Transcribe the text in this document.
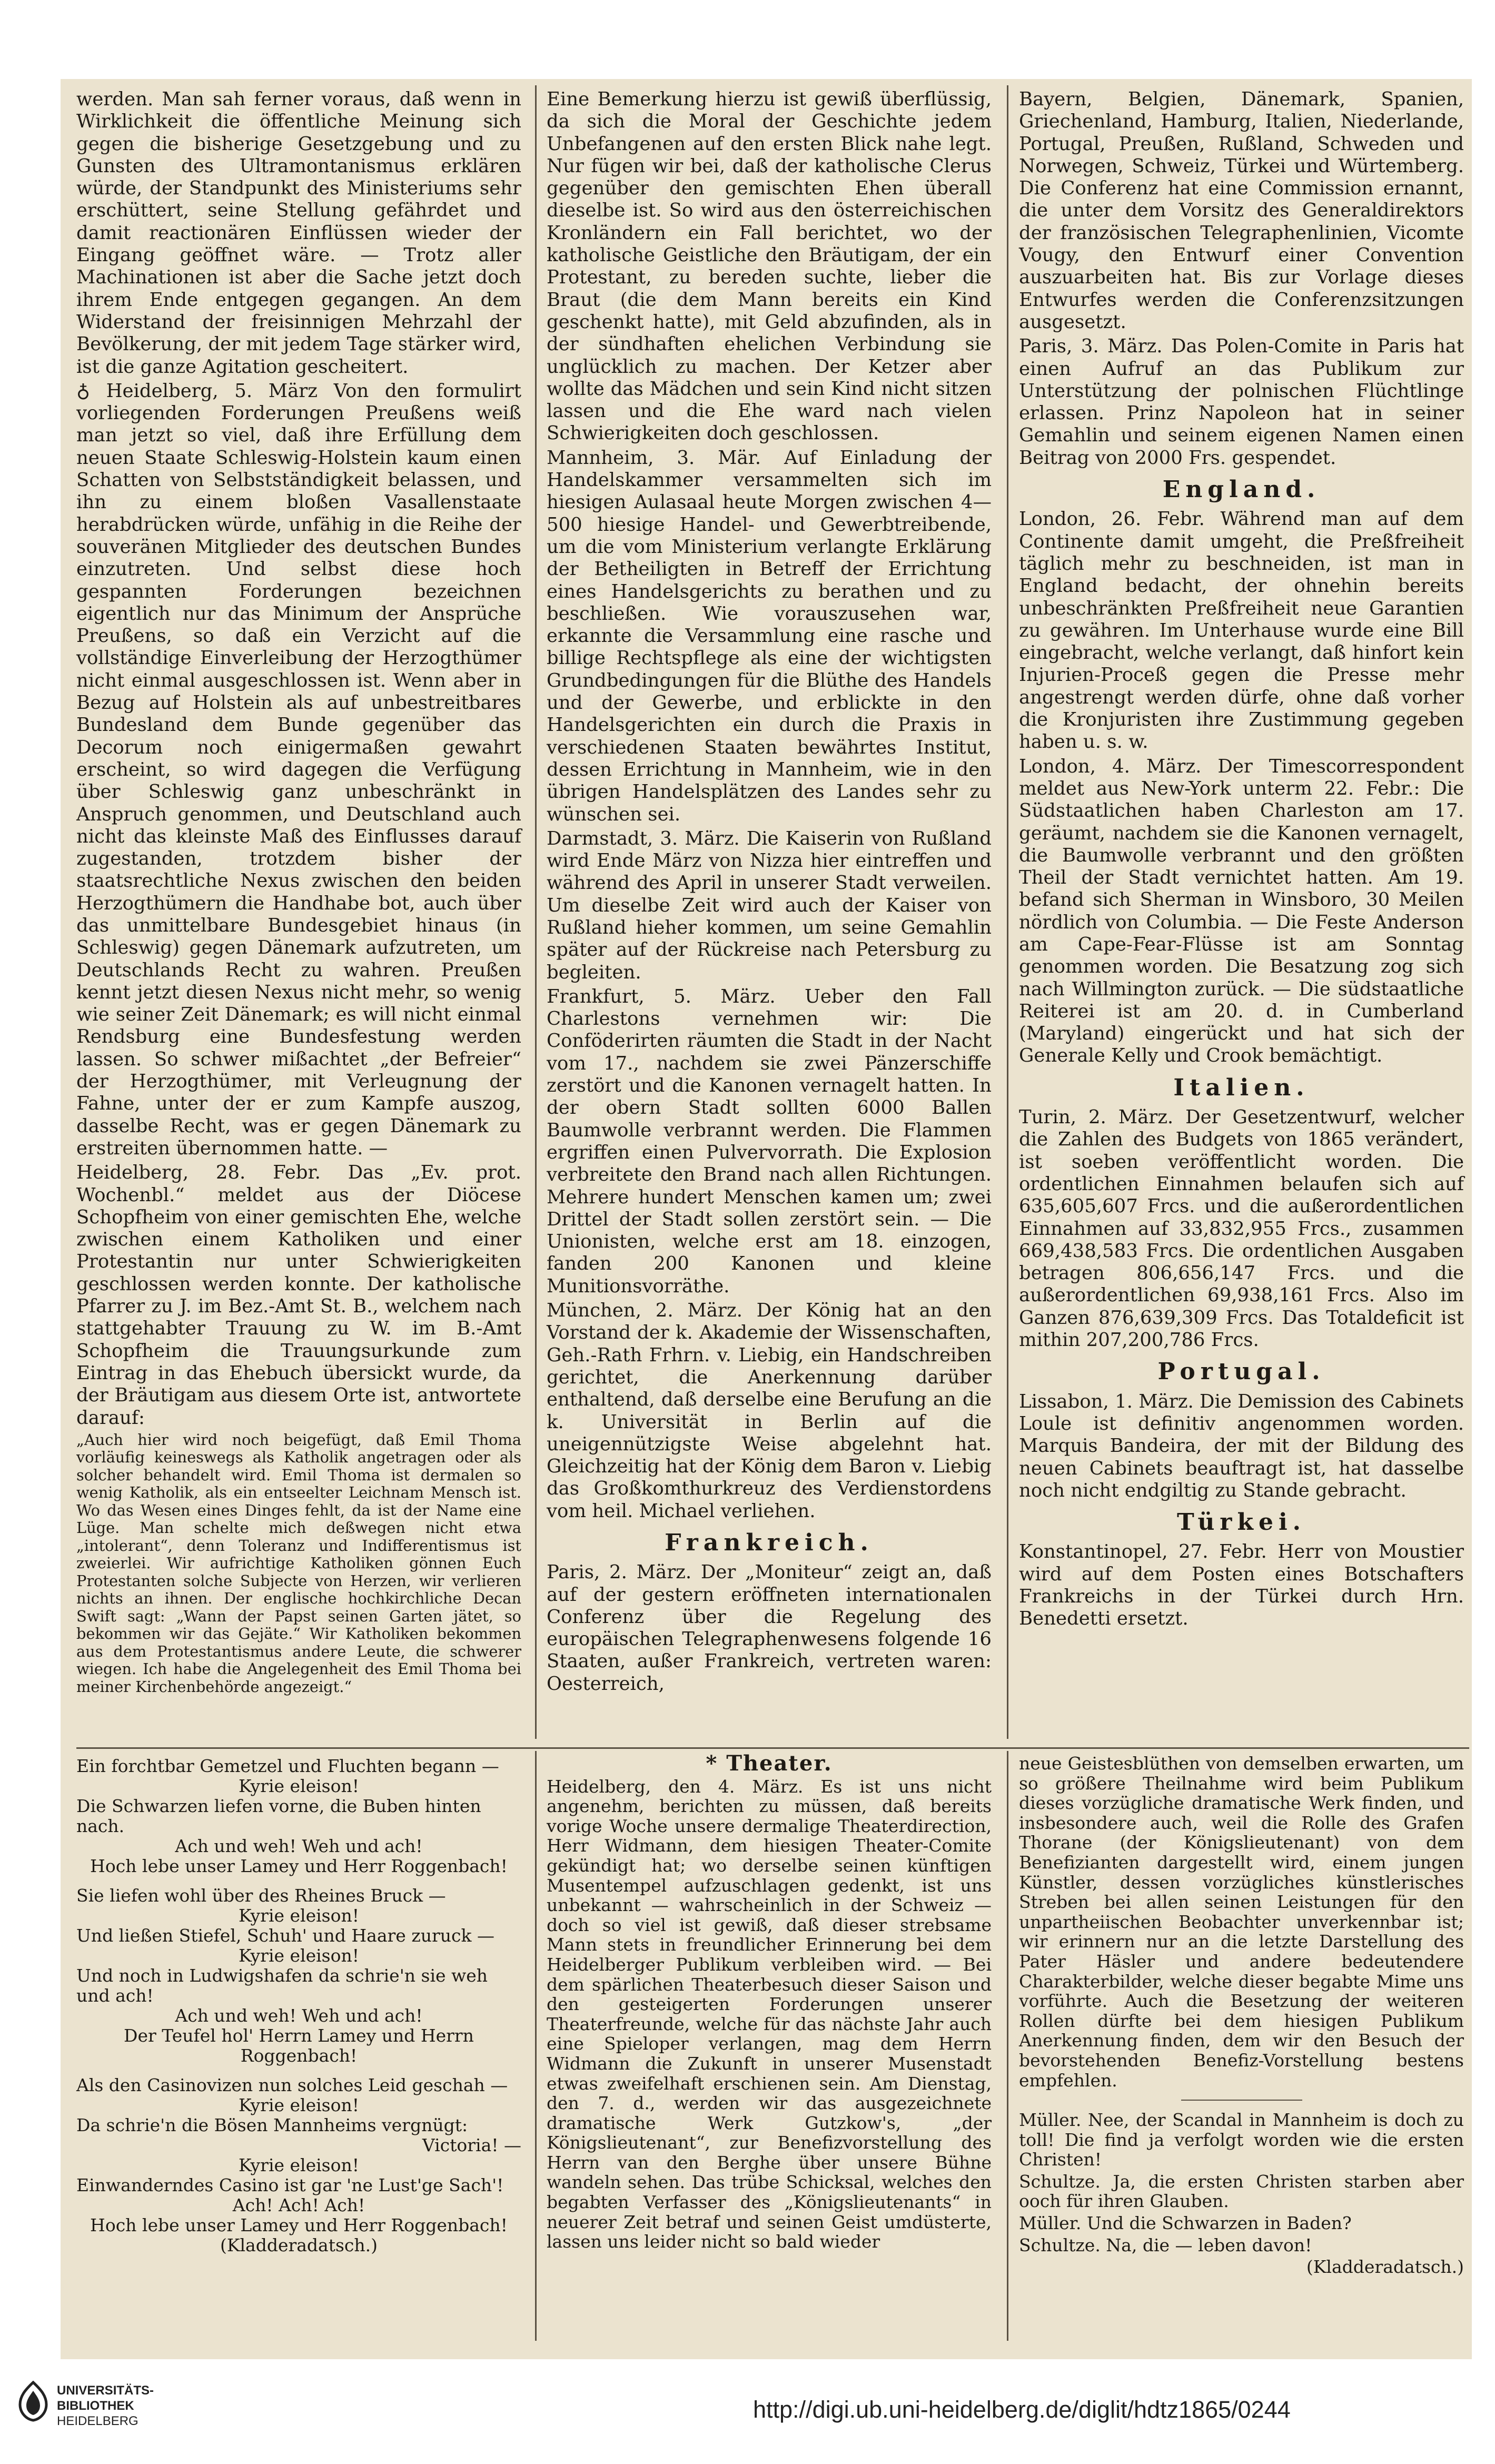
werden. Man sah ferner voraus, daß wenn in Wirklichkeit die öffentliche Meinung sich gegen die bisherige Gesetzgebung und zu Gunsten des Ultramontanismus erklären würde, der Standpunkt des Ministeriums sehr erschüttert, seine Stellung gefährdet und damit reactionären Einflüssen wieder der Eingang geöffnet wäre. — Trotz aller Machinationen ist aber die Sache jetzt doch ihrem Ende entgegen gegangen. An dem Widerstand der freisinnigen Mehrzahl der Bevölkerung, der mit jedem Tage stärker wird, ist die ganze Agitation gescheitert.

♁ Heidelberg, 5. März Von den formulirt vorliegenden Forderungen Preußens weiß man jetzt so viel, daß ihre Erfüllung dem neuen Staate Schleswig-Holstein kaum einen Schatten von Selbstständigkeit belassen, und ihn zu einem bloßen Vasallenstaate herabdrücken würde, unfähig in die Reihe der souveränen Mitglieder des deutschen Bundes einzutreten. Und selbst diese hoch gespannten Forderungen bezeichnen eigentlich nur das Minimum der Ansprüche Preußens, so daß ein Verzicht auf die vollständige Einverleibung der Herzogthümer nicht einmal ausgeschlossen ist. Wenn aber in Bezug auf Holstein als auf unbestreitbares Bundesland dem Bunde gegenüber das Decorum noch einigermaßen gewahrt erscheint, so wird dagegen die Verfügung über Schleswig ganz unbeschränkt in Anspruch genommen, und Deutschland auch nicht das kleinste Maß des Einflusses darauf zugestanden, trotzdem bisher der staatsrechtliche Nexus zwischen den beiden Herzogthümern die Handhabe bot, auch über das unmittelbare Bundesgebiet hinaus (in Schleswig) gegen Dänemark aufzutreten, um Deutschlands Recht zu wahren. Preußen kennt jetzt diesen Nexus nicht mehr, so wenig wie seiner Zeit Dänemark; es will nicht einmal Rendsburg eine Bundesfestung werden lassen. So schwer mißachtet „der Befreier“ der Herzogthümer, mit Verleugnung der Fahne, unter der er zum Kampfe auszog, dasselbe Recht, was er gegen Dänemark zu erstreiten übernommen hatte. —

Heidelberg, 28. Febr. Das „Ev. prot. Wochenbl.“ meldet aus der Diöcese Schopfheim von einer gemischten Ehe, welche zwischen einem Katholiken und einer Protestantin nur unter Schwierigkeiten geschlossen werden konnte. Der katholische Pfarrer zu J. im Bez.-Amt St. B., welchem nach stattgehabter Trauung zu W. im B.-Amt Schopfheim die Trauungsurkunde zum Eintrag in das Ehebuch übersickt wurde, da der Bräutigam aus diesem Orte ist, antwortete darauf:

„Auch hier wird noch beigefügt, daß Emil Thoma vorläufig keineswegs als Katholik angetragen oder als solcher behandelt wird. Emil Thoma ist dermalen so wenig Katholik, als ein entseelter Leichnam Mensch ist. Wo das Wesen eines Dinges fehlt, da ist der Name eine Lüge. Man schelte mich deßwegen nicht etwa „intolerant“, denn Toleranz und Indifferentismus ist zweierlei. Wir aufrichtige Katholiken gönnen Euch Protestanten solche Subjecte von Herzen, wir verlieren nichts an ihnen. Der englische hochkirchliche Decan Swift sagt: „Wann der Papst seinen Garten jätet, so bekommen wir das Gejäte.“ Wir Katholiken bekommen aus dem Protestantismus andere Leute, die schwerer wiegen. Ich habe die Angelegenheit des Emil Thoma bei meiner Kirchenbehörde angezeigt.“

Eine Bemerkung hierzu ist gewiß überflüssig, da sich die Moral der Geschichte jedem Unbefangenen auf den ersten Blick nahe legt. Nur fügen wir bei, daß der katholische Clerus gegenüber den gemischten Ehen überall dieselbe ist. So wird aus den österreichischen Kronländern ein Fall berichtet, wo der katholische Geistliche den Bräutigam, der ein Protestant, zu bereden suchte, lieber die Braut (die dem Mann bereits ein Kind geschenkt hatte), mit Geld abzufinden, als in der sündhaften ehelichen Verbindung sie unglücklich zu machen. Der Ketzer aber wollte das Mädchen und sein Kind nicht sitzen lassen und die Ehe ward nach vielen Schwierigkeiten doch geschlossen.

Mannheim, 3. Mär. Auf Einladung der Handelskammer versammelten sich im hiesigen Aulasaal heute Morgen zwischen 4—500 hiesige Handel- und Gewerbtreibende, um die vom Ministerium verlangte Erklärung der Betheiligten in Betreff der Errichtung eines Handelsgerichts zu berathen und zu beschließen. Wie vorauszusehen war, erkannte die Versammlung eine rasche und billige Rechtspflege als eine der wichtigsten Grundbedingungen für die Blüthe des Handels und der Gewerbe, und erblickte in den Handelsgerichten ein durch die Praxis in verschiedenen Staaten bewährtes Institut, dessen Errichtung in Mannheim, wie in den übrigen Handelsplätzen des Landes sehr zu wünschen sei.

Darmstadt, 3. März. Die Kaiserin von Rußland wird Ende März von Nizza hier eintreffen und während des April in unserer Stadt verweilen. Um dieselbe Zeit wird auch der Kaiser von Rußland hieher kommen, um seine Gemahlin später auf der Rückreise nach Petersburg zu begleiten.

Frankfurt, 5. März. Ueber den Fall Charlestons vernehmen wir: Die Conföderirten räumten die Stadt in der Nacht vom 17., nachdem sie zwei Pänzerschiffe zerstört und die Kanonen vernagelt hatten. In der obern Stadt sollten 6000 Ballen Baumwolle verbrannt werden. Die Flammen ergriffen einen Pulvervorrath. Die Explosion verbreitete den Brand nach allen Richtungen. Mehrere hundert Menschen kamen um; zwei Drittel der Stadt sollen zerstört sein. — Die Unionisten, welche erst am 18. einzogen, fanden 200 Kanonen und kleine Munitionsvorräthe.

München, 2. März. Der König hat an den Vorstand der k. Akademie der Wissenschaften, Geh.-Rath Frhrn. v. Liebig, ein Handschreiben gerichtet, die Anerkennung darüber enthaltend, daß derselbe eine Berufung an die k. Universität in Berlin auf die uneigennützigste Weise abgelehnt hat. Gleichzeitig hat der König dem Baron v. Liebig das Großkomthurkreuz des Verdienstordens vom heil. Michael verliehen.

Frankreich.

Paris, 2. März. Der „Moniteur“ zeigt an, daß auf der gestern eröffneten internationalen Conferenz über die Regelung des europäischen Telegraphenwesens folgende 16 Staaten, außer Frankreich, vertreten waren: Oesterreich,

Bayern, Belgien, Dänemark, Spanien, Griechenland, Hamburg, Italien, Niederlande, Portugal, Preußen, Rußland, Schweden und Norwegen, Schweiz, Türkei und Würtemberg. Die Conferenz hat eine Commission ernannt, die unter dem Vorsitz des Generaldirektors der französischen Telegraphenlinien, Vicomte Vougy, den Entwurf einer Convention auszuarbeiten hat. Bis zur Vorlage dieses Entwurfes werden die Conferenzsitzungen ausgesetzt.

Paris, 3. März. Das Polen-Comite in Paris hat einen Aufruf an das Publikum zur Unterstützung der polnischen Flüchtlinge erlassen. Prinz Napoleon hat in seiner Gemahlin und seinem eigenen Namen einen Beitrag von 2000 Frs. gespendet.

England.

London, 26. Febr. Während man auf dem Continente damit umgeht, die Preßfreiheit täglich mehr zu beschneiden, ist man in England bedacht, der ohnehin bereits unbeschränkten Preßfreiheit neue Garantien zu gewähren. Im Unterhause wurde eine Bill eingebracht, welche verlangt, daß hinfort kein Injurien-Proceß gegen die Presse mehr angestrengt werden dürfe, ohne daß vorher die Kronjuristen ihre Zustimmung gegeben haben u. s. w.

London, 4. März. Der Timescorrespondent meldet aus New-York unterm 22. Febr.: Die Südstaatlichen haben Charleston am 17. geräumt, nachdem sie die Kanonen vernagelt, die Baumwolle verbrannt und den größten Theil der Stadt vernichtet hatten. Am 19. befand sich Sherman in Winsboro, 30 Meilen nördlich von Columbia. — Die Feste Anderson am Cape-Fear-Flüsse ist am Sonntag genommen worden. Die Besatzung zog sich nach Willmington zurück. — Die südstaatliche Reiterei ist am 20. d. in Cumberland (Maryland) eingerückt und hat sich der Generale Kelly und Crook bemächtigt.

Italien.

Turin, 2. März. Der Gesetzentwurf, welcher die Zahlen des Budgets von 1865 verändert, ist soeben veröffentlicht worden. Die ordentlichen Einnahmen belaufen sich auf 635,605,607 Frcs. und die außerordentlichen Einnahmen auf 33,832,955 Frcs., zusammen 669,438,583 Frcs. Die ordentlichen Ausgaben betragen 806,656,147 Frcs. und die außerordentlichen 69,938,161 Frcs. Also im Ganzen 876,639,309 Frcs. Das Totaldeficit ist mithin 207,200,786 Frcs.

Portugal.

Lissabon, 1. März. Die Demission des Cabinets Loule ist definitiv angenommen worden. Marquis Bandeira, der mit der Bildung des neuen Cabinets beauftragt ist, hat dasselbe noch nicht endgiltig zu Stande gebracht.

Türkei.

Konstantinopel, 27. Febr. Herr von Moustier wird auf dem Posten eines Botschafters Frankreichs in der Türkei durch Hrn. Benedetti ersetzt.

Ein forchtbar Gemetzel und Fluchten begann —
Kyrie eleison!
Die Schwarzen liefen vorne, die Buben hinten nach.
Ach und weh! Weh und ach!
Hoch lebe unser Lamey und Herr Roggenbach!
Sie liefen wohl über des Rheines Bruck —
Kyrie eleison!
Und ließen Stiefel, Schuh' und Haare zuruck —
Kyrie eleison!
Und noch in Ludwigshafen da schrie'n sie weh und ach!
Ach und weh! Weh und ach!
Der Teufel hol' Herrn Lamey und Herrn Roggenbach!
Als den Casinovizen nun solches Leid geschah —
Kyrie eleison!
Da schrie'n die Bösen Mannheims vergnügt:
Victoria! —
Kyrie eleison!
Einwanderndes Casino ist gar 'ne Lust'ge Sach'!
Ach! Ach! Ach!
Hoch lebe unser Lamey und Herr Roggenbach!
(Kladderadatsch.)
* Theater.

Heidelberg, den 4. März. Es ist uns nicht angenehm, berichten zu müssen, daß bereits vorige Woche unsere dermalige Theaterdirection, Herr Widmann, dem hiesigen Theater-Comite gekündigt hat; wo derselbe seinen künftigen Musentempel aufzuschlagen gedenkt, ist uns unbekannt — wahrscheinlich in der Schweiz — doch so viel ist gewiß, daß dieser strebsame Mann stets in freundlicher Erinnerung bei dem Heidelberger Publikum verbleiben wird. — Bei dem spärlichen Theaterbesuch dieser Saison und den gesteigerten Forderungen unserer Theaterfreunde, welche für das nächste Jahr auch eine Spieloper verlangen, mag dem Herrn Widmann die Zukunft in unserer Musenstadt etwas zweifelhaft erschienen sein. Am Dienstag, den 7. d., werden wir das ausgezeichnete dramatische Werk Gutzkow's, „der Königslieutenant“, zur Benefizvorstellung des Herrn van den Berghe über unsere Bühne wandeln sehen. Das trübe Schicksal, welches den begabten Verfasser des „Königslieutenants“ in neuerer Zeit betraf und seinen Geist umdüsterte, lassen uns leider nicht so bald wieder

neue Geistesblüthen von demselben erwarten, um so größere Theilnahme wird beim Publikum dieses vorzügliche dramatische Werk finden, und insbesondere auch, weil die Rolle des Grafen Thorane (der Königslieutenant) von dem Benefizianten dargestellt wird, einem jungen Künstler, dessen vorzügliches künstlerisches Streben bei allen seinen Leistungen für den unpartheiischen Beobachter unverkennbar ist; wir erinnern nur an die letzte Darstellung des Pater Häsler und andere bedeutendere Charakterbilder, welche dieser begabte Mime uns vorführte. Auch die Besetzung der weiteren Rollen dürfte bei dem hiesigen Publikum Anerkennung finden, dem wir den Besuch der bevorstehenden Benefiz-Vorstellung bestens empfehlen.

Müller. Nee, der Scandal in Mannheim is doch zu toll! Die find ja verfolgt worden wie die ersten Christen!

Schultze. Ja, die ersten Christen starben aber ooch für ihren Glauben.

Müller. Und die Schwarzen in Baden?

Schultze. Na, die — leben davon!

(Kladderadatsch.)

UNIVERSITÄTS-
BIBLIOTHEK
HEIDELBERG	http://digi.ub.uni-heidelberg.de/diglit/hdtz1865/0244
